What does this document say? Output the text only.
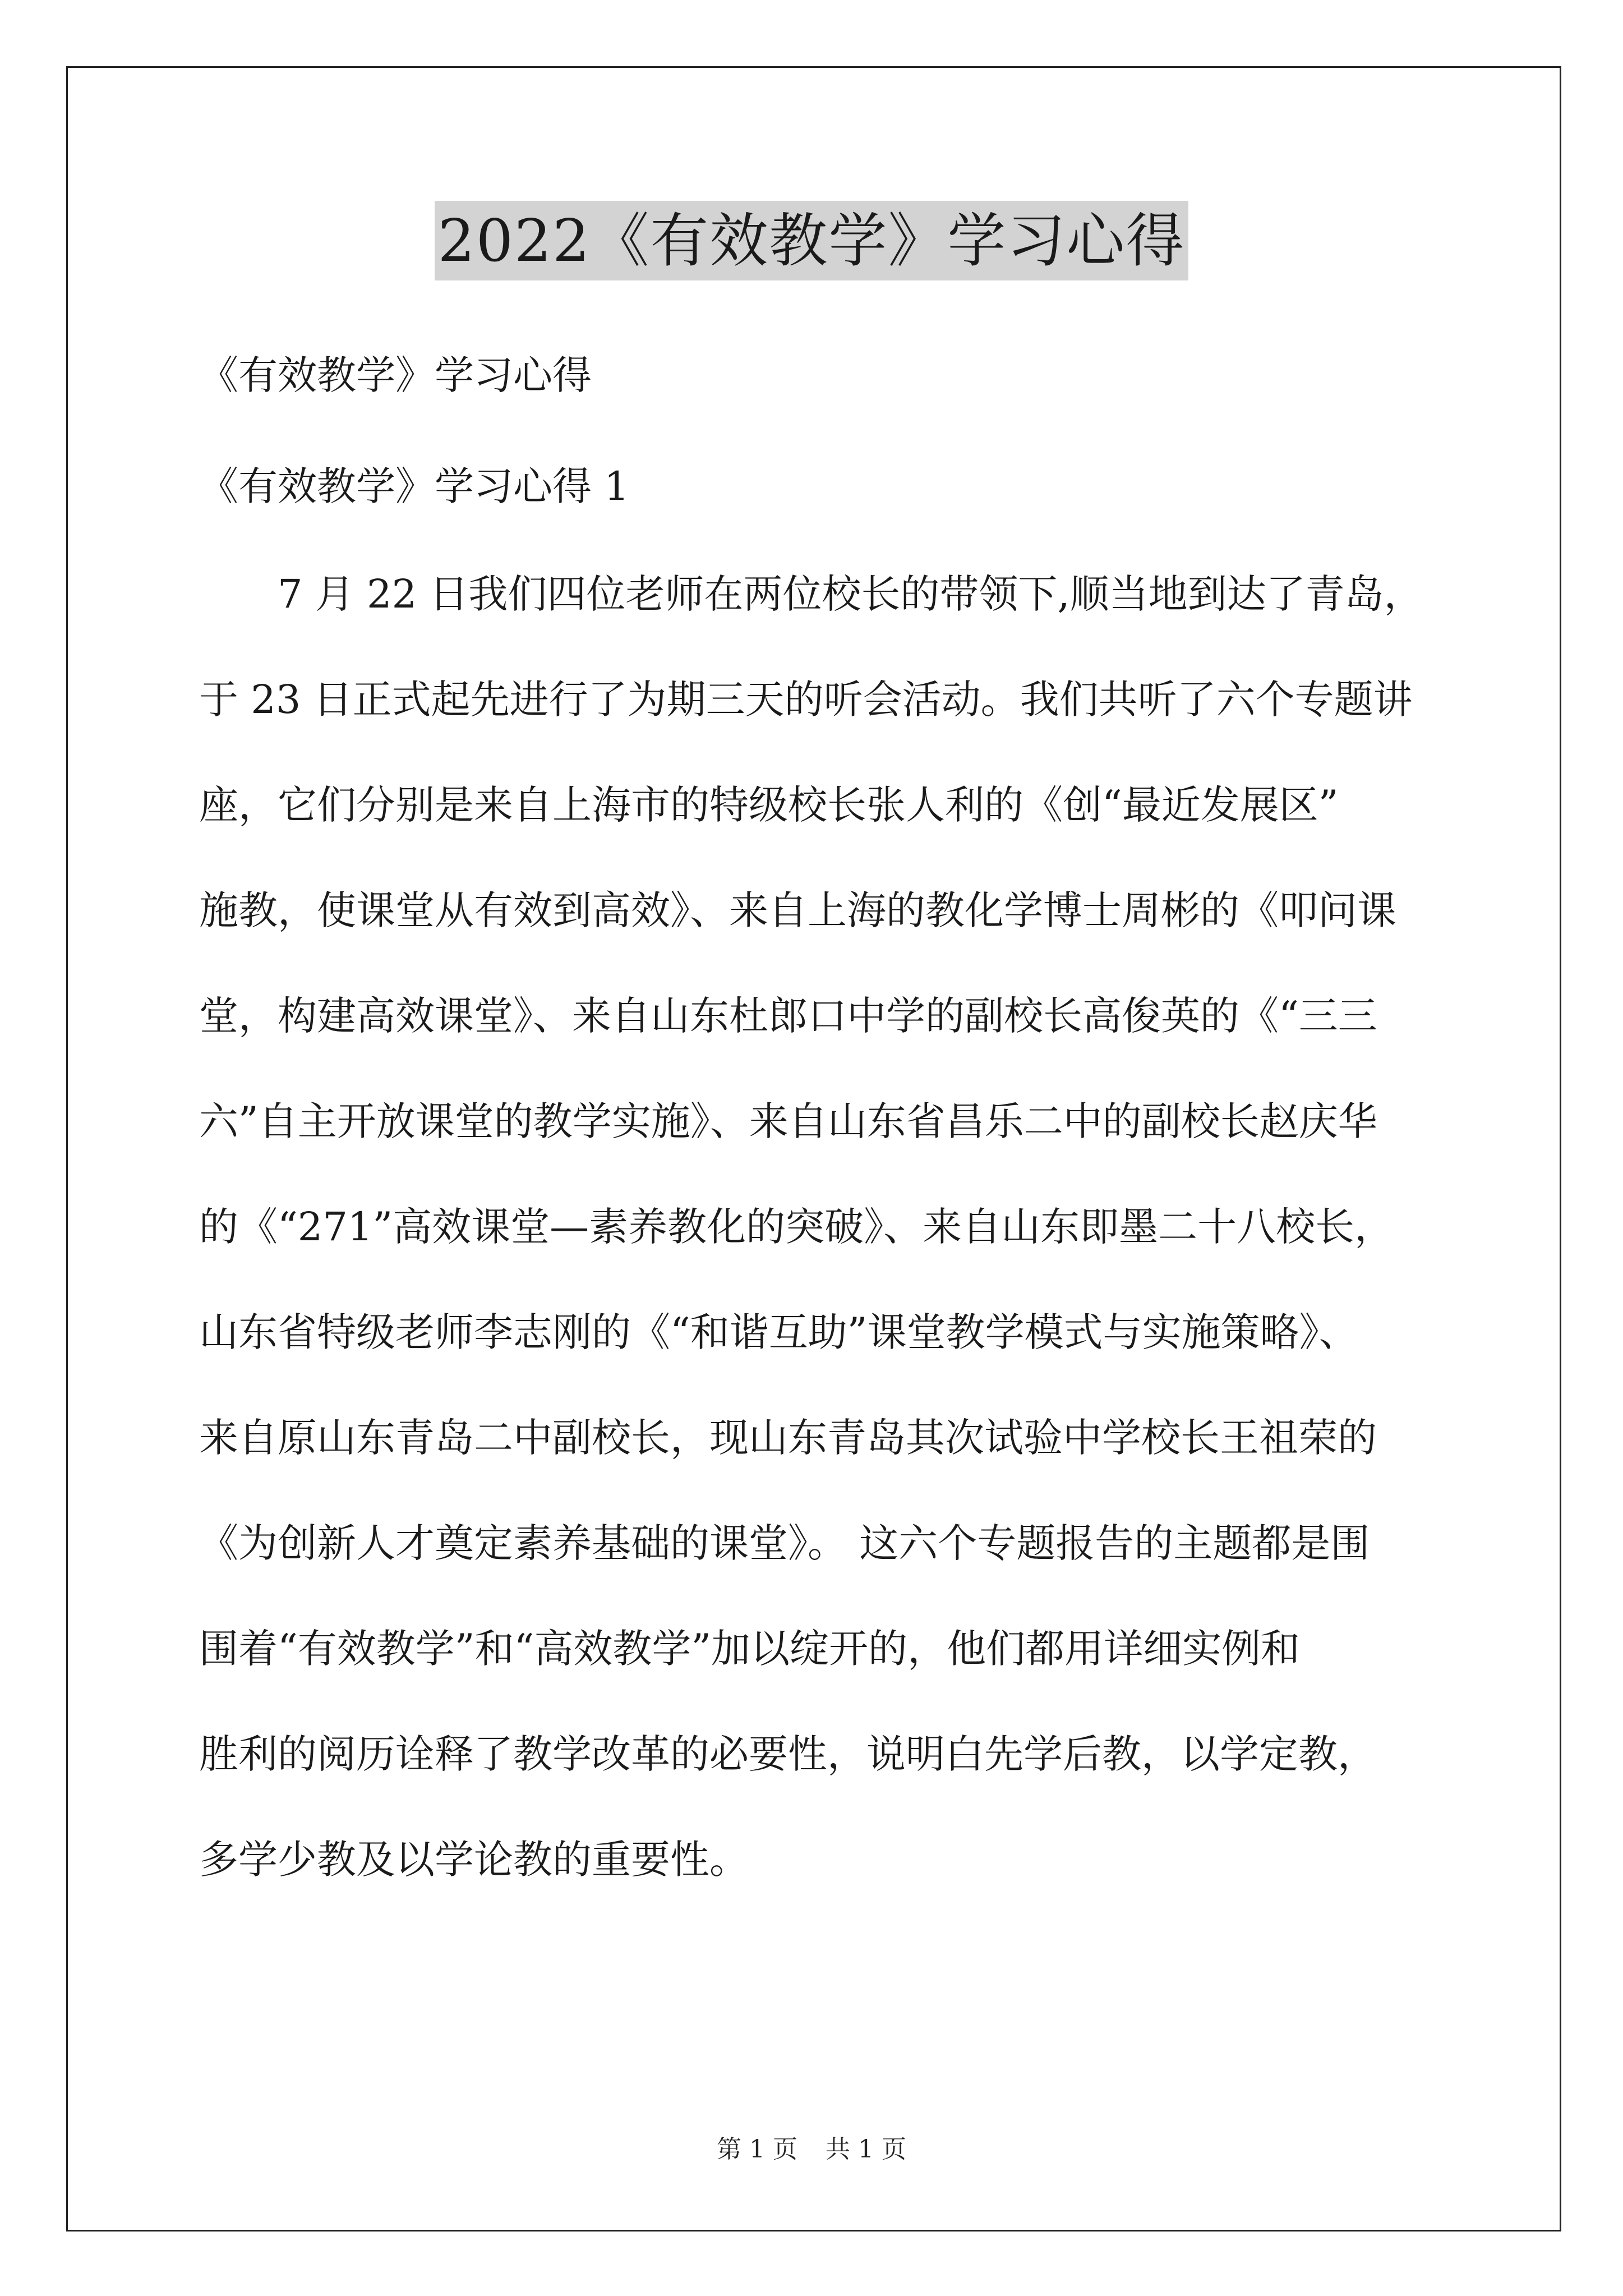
2022《有效教学》学习心得

《有效教学》学习心得

《有效教学》学习心得 1

7 月 22 日我们四位老师在两位校长的带领下,顺当地到达了青岛，

于 23 日正式起先进行了为期三天的听会活动。我们共听了六个专题讲

座，它们分别是来自上海市的特级校长张人利的《创“最近发展区”

施教，使课堂从有效到高效》、来自上海的教化学博士周彬的《叩问课

堂，构建高效课堂》、来自山东杜郎口中学的副校长高俊英的《“三三

六”自主开放课堂的教学实施》、来自山东省昌乐二中的副校长赵庆华

的《“271”高效课堂—素养教化的突破》、来自山东即墨二十八校长，

山东省特级老师李志刚的《“和谐互助”课堂教学模式与实施策略》、

来自原山东青岛二中副校长，现山东青岛其次试验中学校长王祖荣的

《为创新人才奠定素养基础的课堂》。 这六个专题报告的主题都是围

围着“有效教学”和“高效教学”加以绽开的，他们都用详细实例和

胜利的阅历诠释了教学改革的必要性，说明白先学后教，以学定教，

多学少教及以学论教的重要性。

第 1 页 共 1 页
